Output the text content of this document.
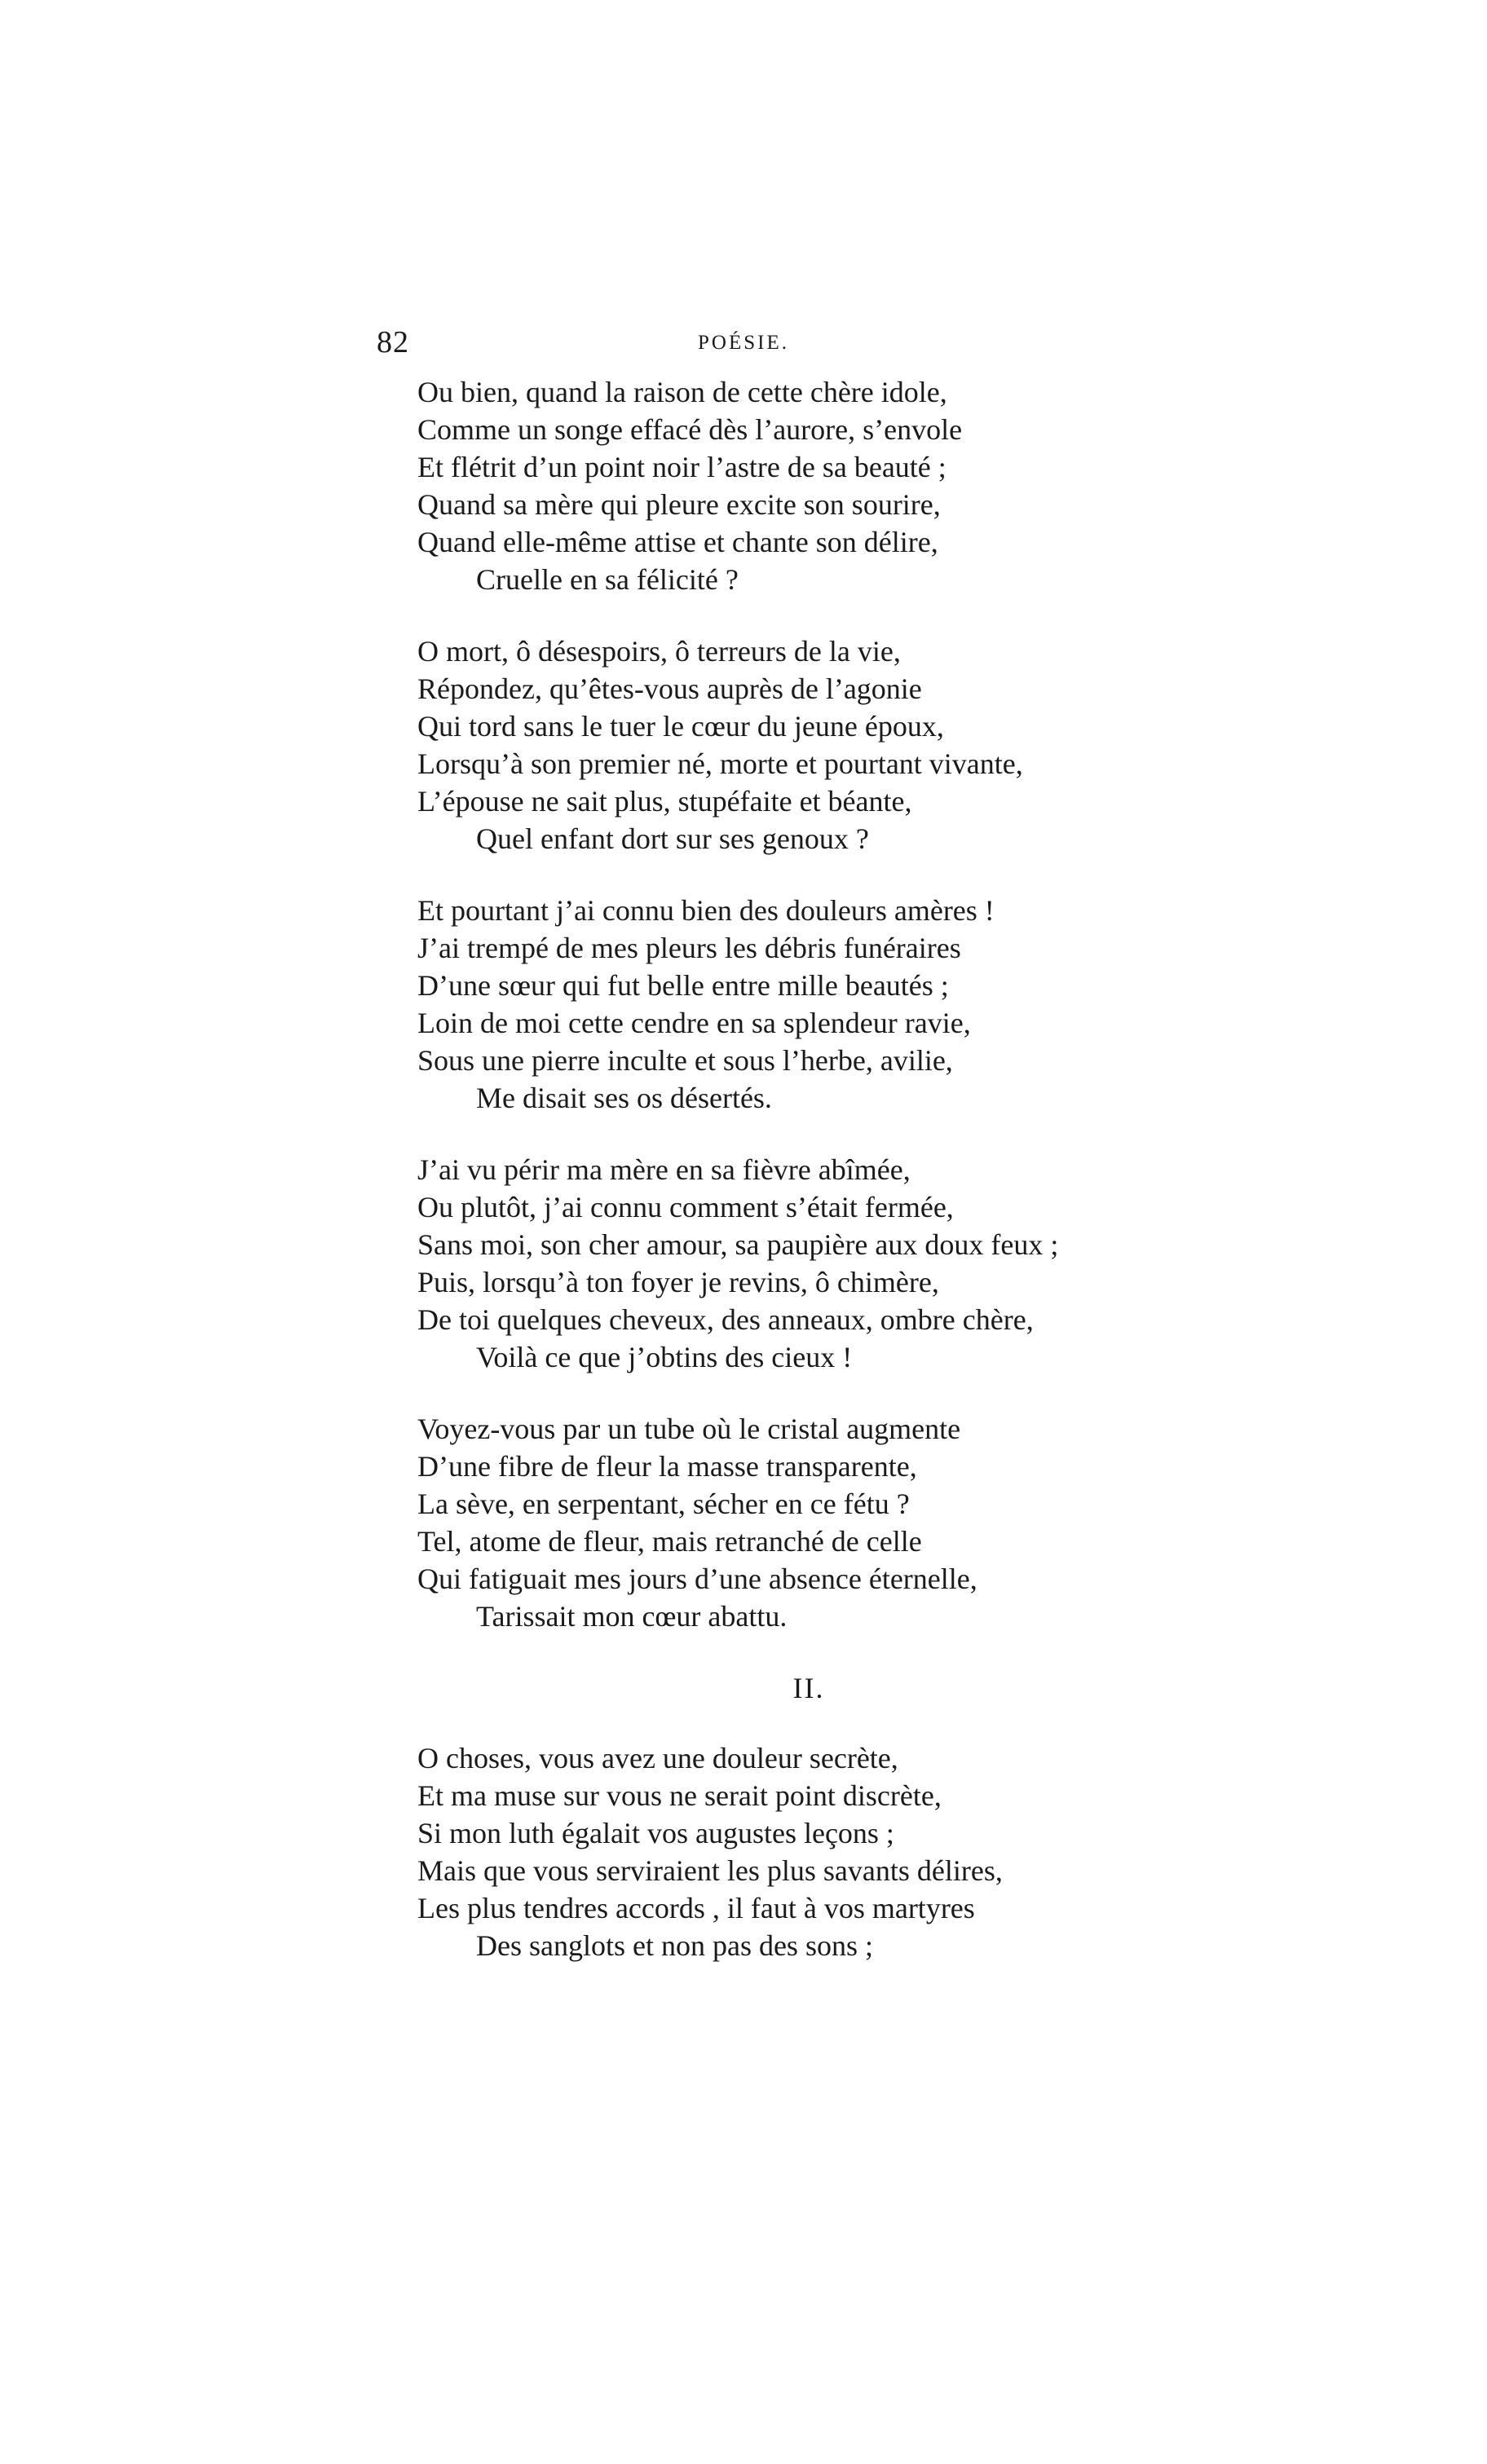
82	POÉSIE.
Ou bien, quand la raison de cette chère idole,
Comme un songe effacé dès l’aurore, s’envole
Et flétrit d’un point noir l’astre de sa beauté ;
Quand sa mère qui pleure excite son sourire,
Quand elle-même attise et chante son délire,
Cruelle en sa félicité ?
O mort, ô désespoirs, ô terreurs de la vie,
Répondez, qu’êtes-vous auprès de l’agonie
Qui tord sans le tuer le cœur du jeune époux,
Lorsqu’à son premier né, morte et pourtant vivante,
L’épouse ne sait plus, stupéfaite et béante,
Quel enfant dort sur ses genoux ?
Et pourtant j’ai connu bien des douleurs amères !
J’ai trempé de mes pleurs les débris funéraires
D’une sœur qui fut belle entre mille beautés ;
Loin de moi cette cendre en sa splendeur ravie,
Sous une pierre inculte et sous l’herbe, avilie,
Me disait ses os désertés.
J’ai vu périr ma mère en sa fièvre abîmée,
Ou plutôt, j’ai connu comment s’était fermée,
Sans moi, son cher amour, sa paupière aux doux feux ;
Puis, lorsqu’à ton foyer je revins, ô chimère,
De toi quelques cheveux, des anneaux, ombre chère,
Voilà ce que j’obtins des cieux !
Voyez-vous par un tube où le cristal augmente
D’une fibre de fleur la masse transparente,
La sève, en serpentant, sécher en ce fétu ?
Tel, atome de fleur, mais retranché de celle
Qui fatiguait mes jours d’une absence éternelle,
Tarissait mon cœur abattu.
II.
O choses, vous avez une douleur secrète,
Et ma muse sur vous ne serait point discrète,
Si mon luth égalait vos augustes leçons ;
Mais que vous serviraient les plus savants délires,
Les plus tendres accords , il faut à vos martyres
Des sanglots et non pas des sons ;
